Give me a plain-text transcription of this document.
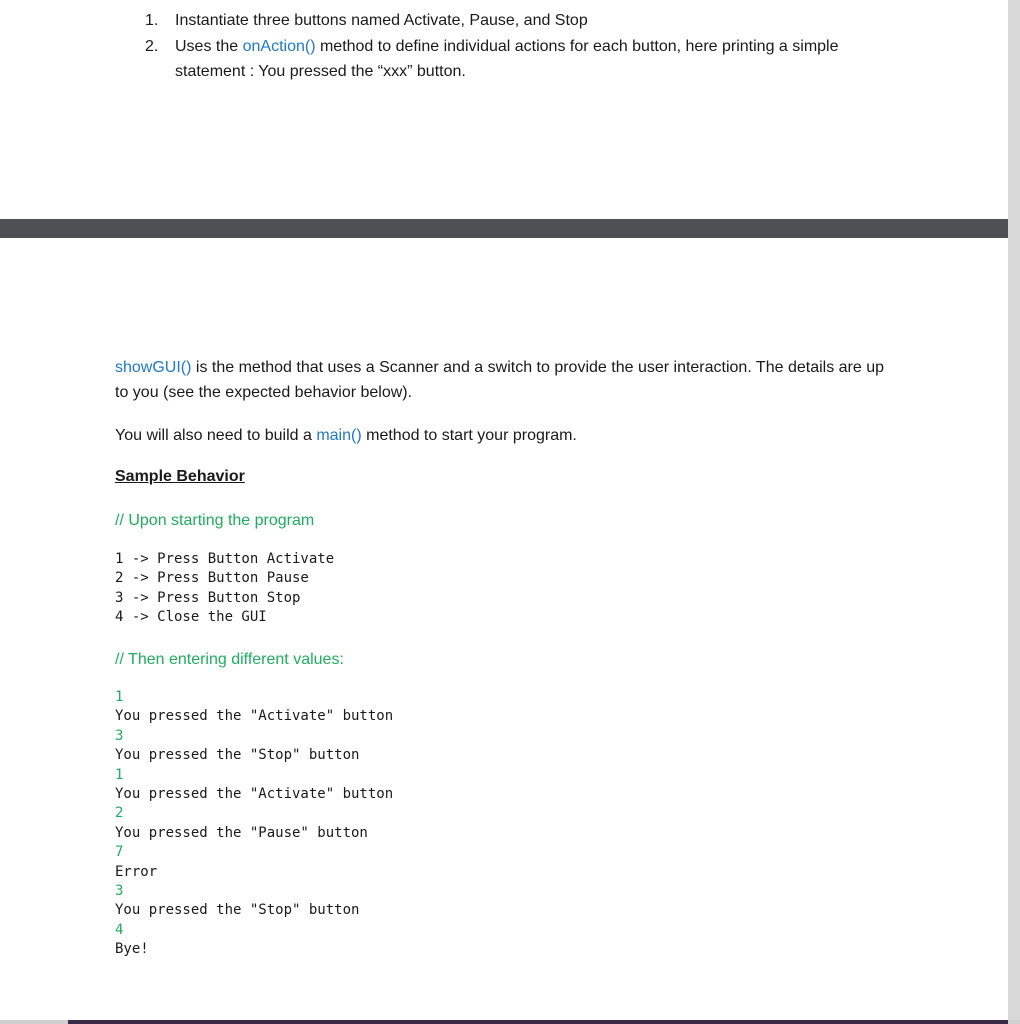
1.	Instantiate three buttons named Activate, Pause, and Stop
2.	Uses the onAction() method to define individual actions for each button, here printing a simple statement : You pressed the “xxx” button.
showGUI() is the method that uses a Scanner and a switch to provide the user interaction. The details are up to you (see the expected behavior below).
You will also need to build a main() method to start your program.
Sample Behavior
// Upon starting the program
1 -> Press Button Activate
2 -> Press Button Pause
3 -> Press Button Stop
4 -> Close the GUI
// Then entering different values:
1
You pressed the "Activate" button
3
You pressed the "Stop" button
1
You pressed the "Activate" button
2
You pressed the "Pause" button
7
Error
3
You pressed the "Stop" button
4
Bye!
